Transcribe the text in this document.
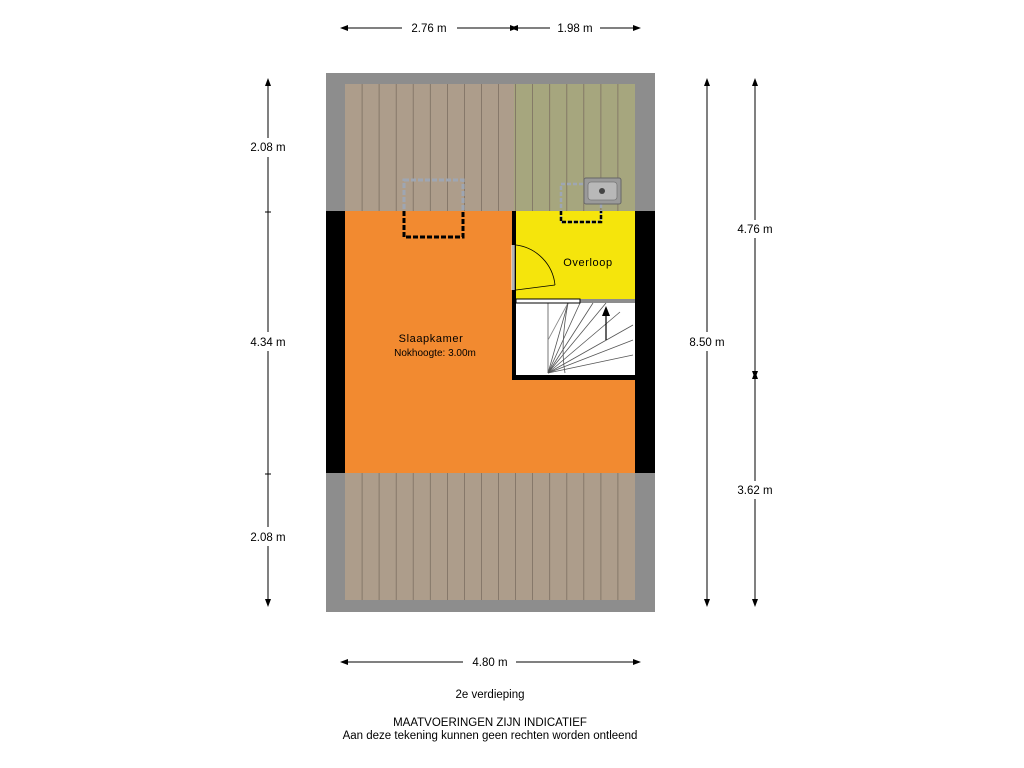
Slaapkamer
Nokhoogte: 3.00m
Overloop
2.76 m	1.98 m
4.80 m
2.08 m
4.34 m
2.08 m
8.50 m
4.76 m
3.62 m
2e verdieping
MAATVOERINGEN ZIJN INDICATIEF
Aan deze tekening kunnen geen rechten worden ontleend
